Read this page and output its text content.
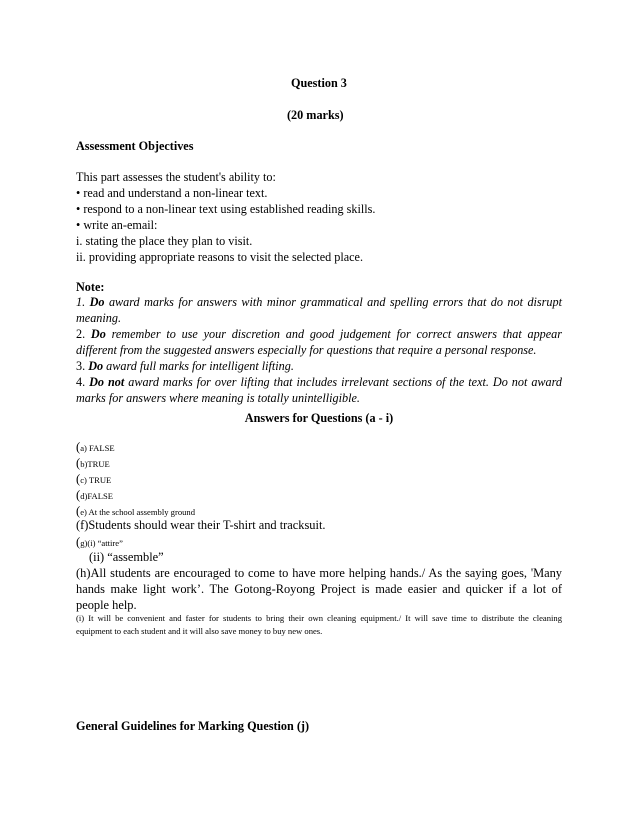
Question 3
(20 marks)
Assessment Objectives
This part assesses the student's ability to:
• read and understand a non-linear text.
• respond to a non-linear text using established reading skills.
• write an-email:
i. stating the place they plan to visit.
ii. providing appropriate reasons to visit the selected place.
Note:
1. Do award marks for answers with minor grammatical and spelling errors that do not disrupt
meaning.
2. Do remember to use your discretion and good judgement for correct answers that appear
different from the suggested answers especially for questions that require a personal response.
3. Do award full marks for intelligent lifting.
4. Do not award marks for over lifting that includes irrelevant sections of the text. Do not award
marks for answers where meaning is totally unintelligible.
Answers for Questions (a - i)
(a) FALSE
(b)TRUE
(c) TRUE
(d)FALSE
(e) At the school assembly ground
(f)Students should wear their T-shirt and tracksuit.
(g)(i) “attire”
(ii) “assemble”
(h)All students are encouraged to come to have more helping hands./ As the saying goes, 'Many
hands make light work’. The Gotong-Royong Project is made easier and quicker if a lot of
people help.
(i) It will be convenient and faster for students to bring their own cleaning equipment./ It will save time to distribute the cleaning
equipment to each student and it will also save money to buy new ones.
General Guidelines for Marking Question (j)
